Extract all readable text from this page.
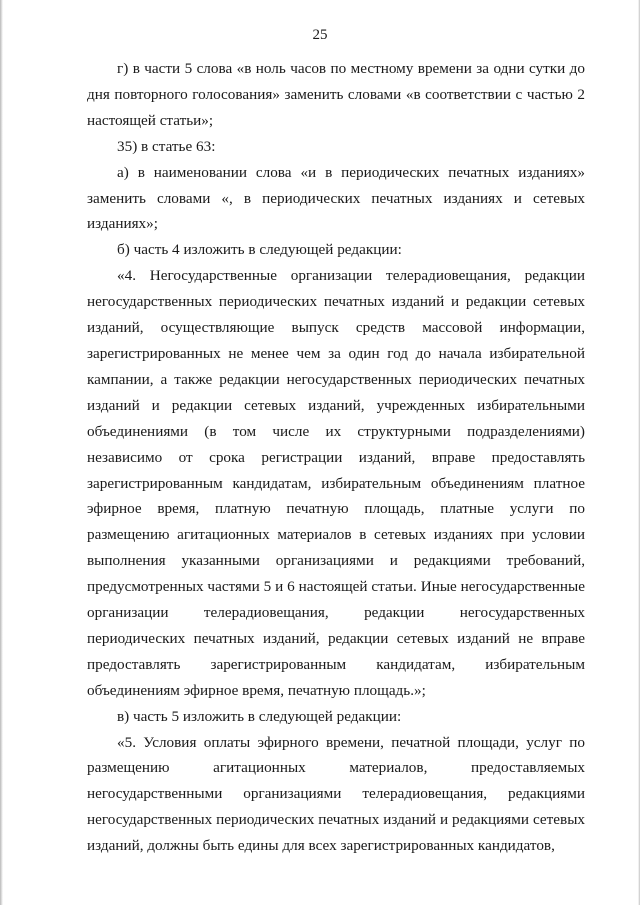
25

г) в части 5 слова «в ноль часов по местному времени за одни сутки до дня повторного голосования» заменить словами «в соответствии с частью 2 настоящей статьи»;

35) в статье 63:

а) в наименовании слова «и в периодических печатных изданиях» заменить словами «, в периодических печатных изданиях и сетевых изданиях»;

б) часть 4 изложить в следующей редакции:

«4. Негосударственные организации телерадиовещания, редакции негосударственных периодических печатных изданий и редакции сетевых изданий, осуществляющие выпуск средств массовой информации, зарегистрированных не менее чем за один год до начала избирательной кампании, а также редакции негосударственных периодических печатных изданий и редакции сетевых изданий, учрежденных избирательными объединениями (в том числе их структурными подразделениями) независимо от срока регистрации изданий, вправе предоставлять зарегистрированным кандидатам, избирательным объединениям платное эфирное время, платную печатную площадь, платные услуги по размещению агитационных материалов в сетевых изданиях при условии выполнения указанными организациями и редакциями требований, предусмотренных частями 5 и 6 настоящей статьи. Иные негосударственные организации телерадиовещания, редакции негосударственных периодических печатных изданий, редакции сетевых изданий не вправе предоставлять зарегистрированным кандидатам, избирательным объединениям эфирное время, печатную площадь.»;

в) часть 5 изложить в следующей редакции:

«5. Условия оплаты эфирного времени, печатной площади, услуг по размещению агитационных материалов, предоставляемых негосударственными организациями телерадиовещания, редакциями негосударственных периодических печатных изданий и редакциями сетевых изданий, должны быть едины для всех зарегистрированных кандидатов,
